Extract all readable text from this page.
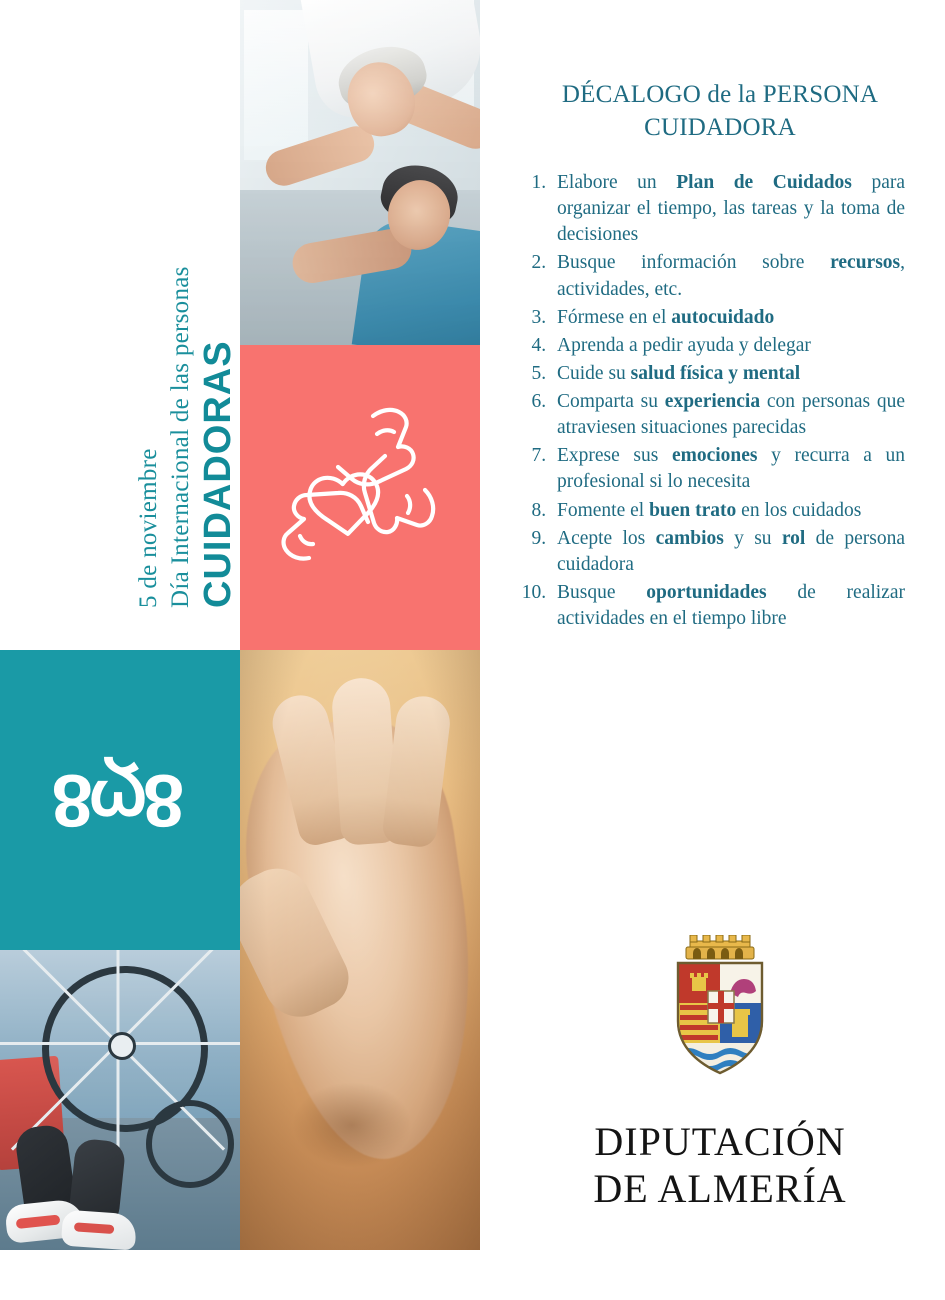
5 de noviembre Día Internacional de las personas CUIDADORAS
8ღ8
DÉCALOGO de la PERSONA CUIDADORA
1. Elabore un Plan de Cuidados para organizar el tiempo, las tareas y la toma de decisiones
2. Busque información sobre recursos, actividades, etc.
3. Fórmese en el autocuidado
4. Aprenda a pedir ayuda y delegar
5. Cuide su salud física y mental
6. Comparta su experiencia con personas que atraviesen situaciones parecidas
7. Exprese sus emociones y recurra a un profesional si lo necesita
8. Fomente el buen trato en los cuidados
9. Acepte los cambios y su rol de persona cuidadora
10. Busque oportunidades de realizar actividades en el tiempo libre
DIPUTACIÓN
DE ALMERÍA
